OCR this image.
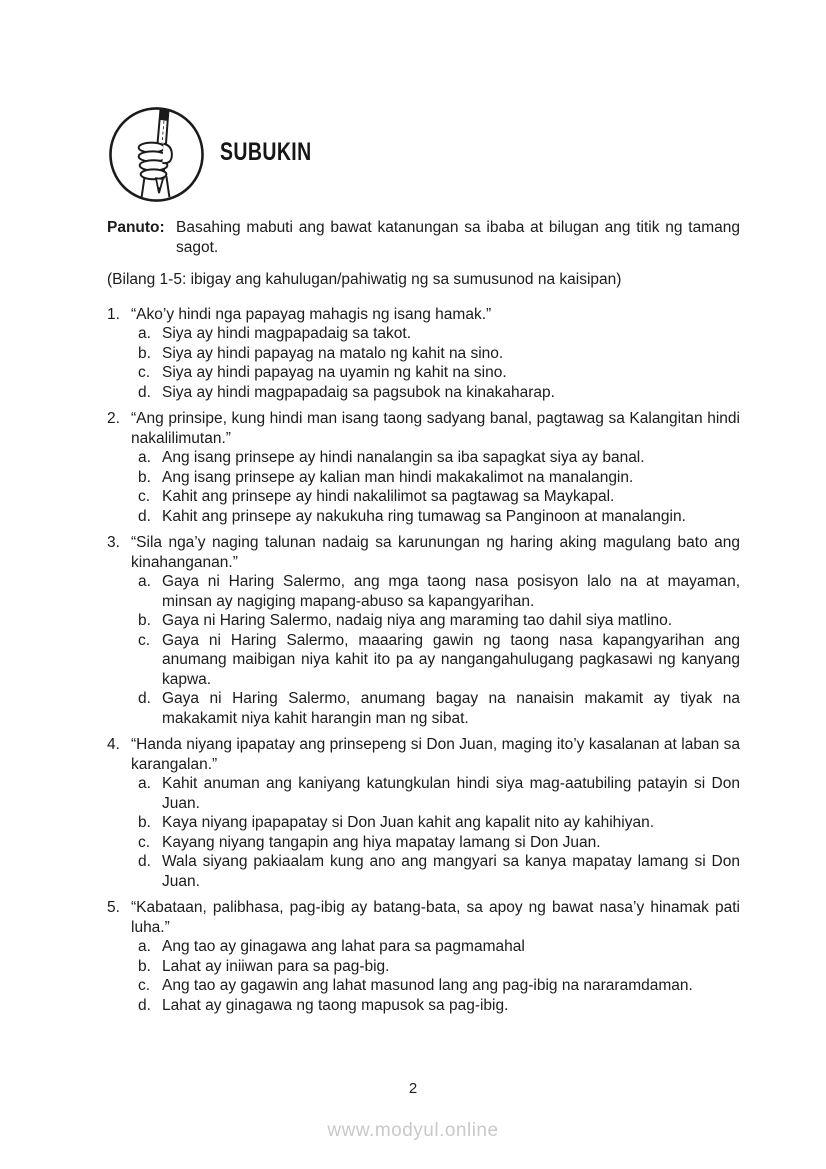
SUBUKIN
Panuto: Basahing mabuti ang bawat katanungan sa ibaba at bilugan ang titik ng tamang sagot.

(Bilang 1-5: ibigay ang kahulugan/pahiwatig ng sa sumusunod na kaisipan)

1. “Ako’y hindi nga papayag mahagis ng isang hamak.”
a. Siya ay hindi magpapadaig sa takot.
b. Siya ay hindi papayag na matalo ng kahit na sino.
c. Siya ay hindi papayag na uyamin ng kahit na sino.
d. Siya ay hindi magpapadaig sa pagsubok na kinakaharap.
2. “Ang prinsipe, kung hindi man isang taong sadyang banal, pagtawag sa Kalangitan hindi nakalilimutan.”
a. Ang isang prinsepe ay hindi nanalangin sa iba sapagkat siya ay banal.
b. Ang isang prinsepe ay kalian man hindi makakalimot na manalangin.
c. Kahit ang prinsepe ay hindi nakalilimot sa pagtawag sa Maykapal.
d. Kahit ang prinsepe ay nakukuha ring tumawag sa Panginoon at manalangin.
3. “Sila nga’y naging talunan nadaig sa karunungan ng haring aking magulang bato ang kinahanganan.”
a. Gaya ni Haring Salermo, ang mga taong nasa posisyon lalo na at mayaman, minsan ay nagiging mapang-abuso sa kapangyarihan.
b. Gaya ni Haring Salermo, nadaig niya ang maraming tao dahil siya matlino.
c. Gaya ni Haring Salermo, maaaring gawin ng taong nasa kapangyarihan ang anumang maibigan niya kahit ito pa ay nangangahulugang pagkasawi ng kanyang kapwa.
d. Gaya ni Haring Salermo, anumang bagay na nanaisin makamit ay tiyak na makakamit niya kahit harangin man ng sibat.
4. “Handa niyang ipapatay ang prinsepeng si Don Juan, maging ito’y kasalanan at laban sa karangalan.”
a. Kahit anuman ang kaniyang katungkulan hindi siya mag-aatubiling patayin si Don Juan.
b. Kaya niyang ipapapatay si Don Juan kahit ang kapalit nito ay kahihiyan.
c. Kayang niyang tangapin ang hiya mapatay lamang si Don Juan.
d. Wala siyang pakiaalam kung ano ang mangyari sa kanya mapatay lamang si Don Juan.
5. “Kabataan, palibhasa, pag-ibig ay batang-bata, sa apoy ng bawat nasa’y hinamak pati luha.”
a. Ang tao ay ginagawa ang lahat para sa pagmamahal
b. Lahat ay iniiwan para sa pag-big.
c. Ang tao ay gagawin ang lahat masunod lang ang pag-ibig na nararamdaman.
d. Lahat ay ginagawa ng taong mapusok sa pag-ibig.
2
www.modyul.online
